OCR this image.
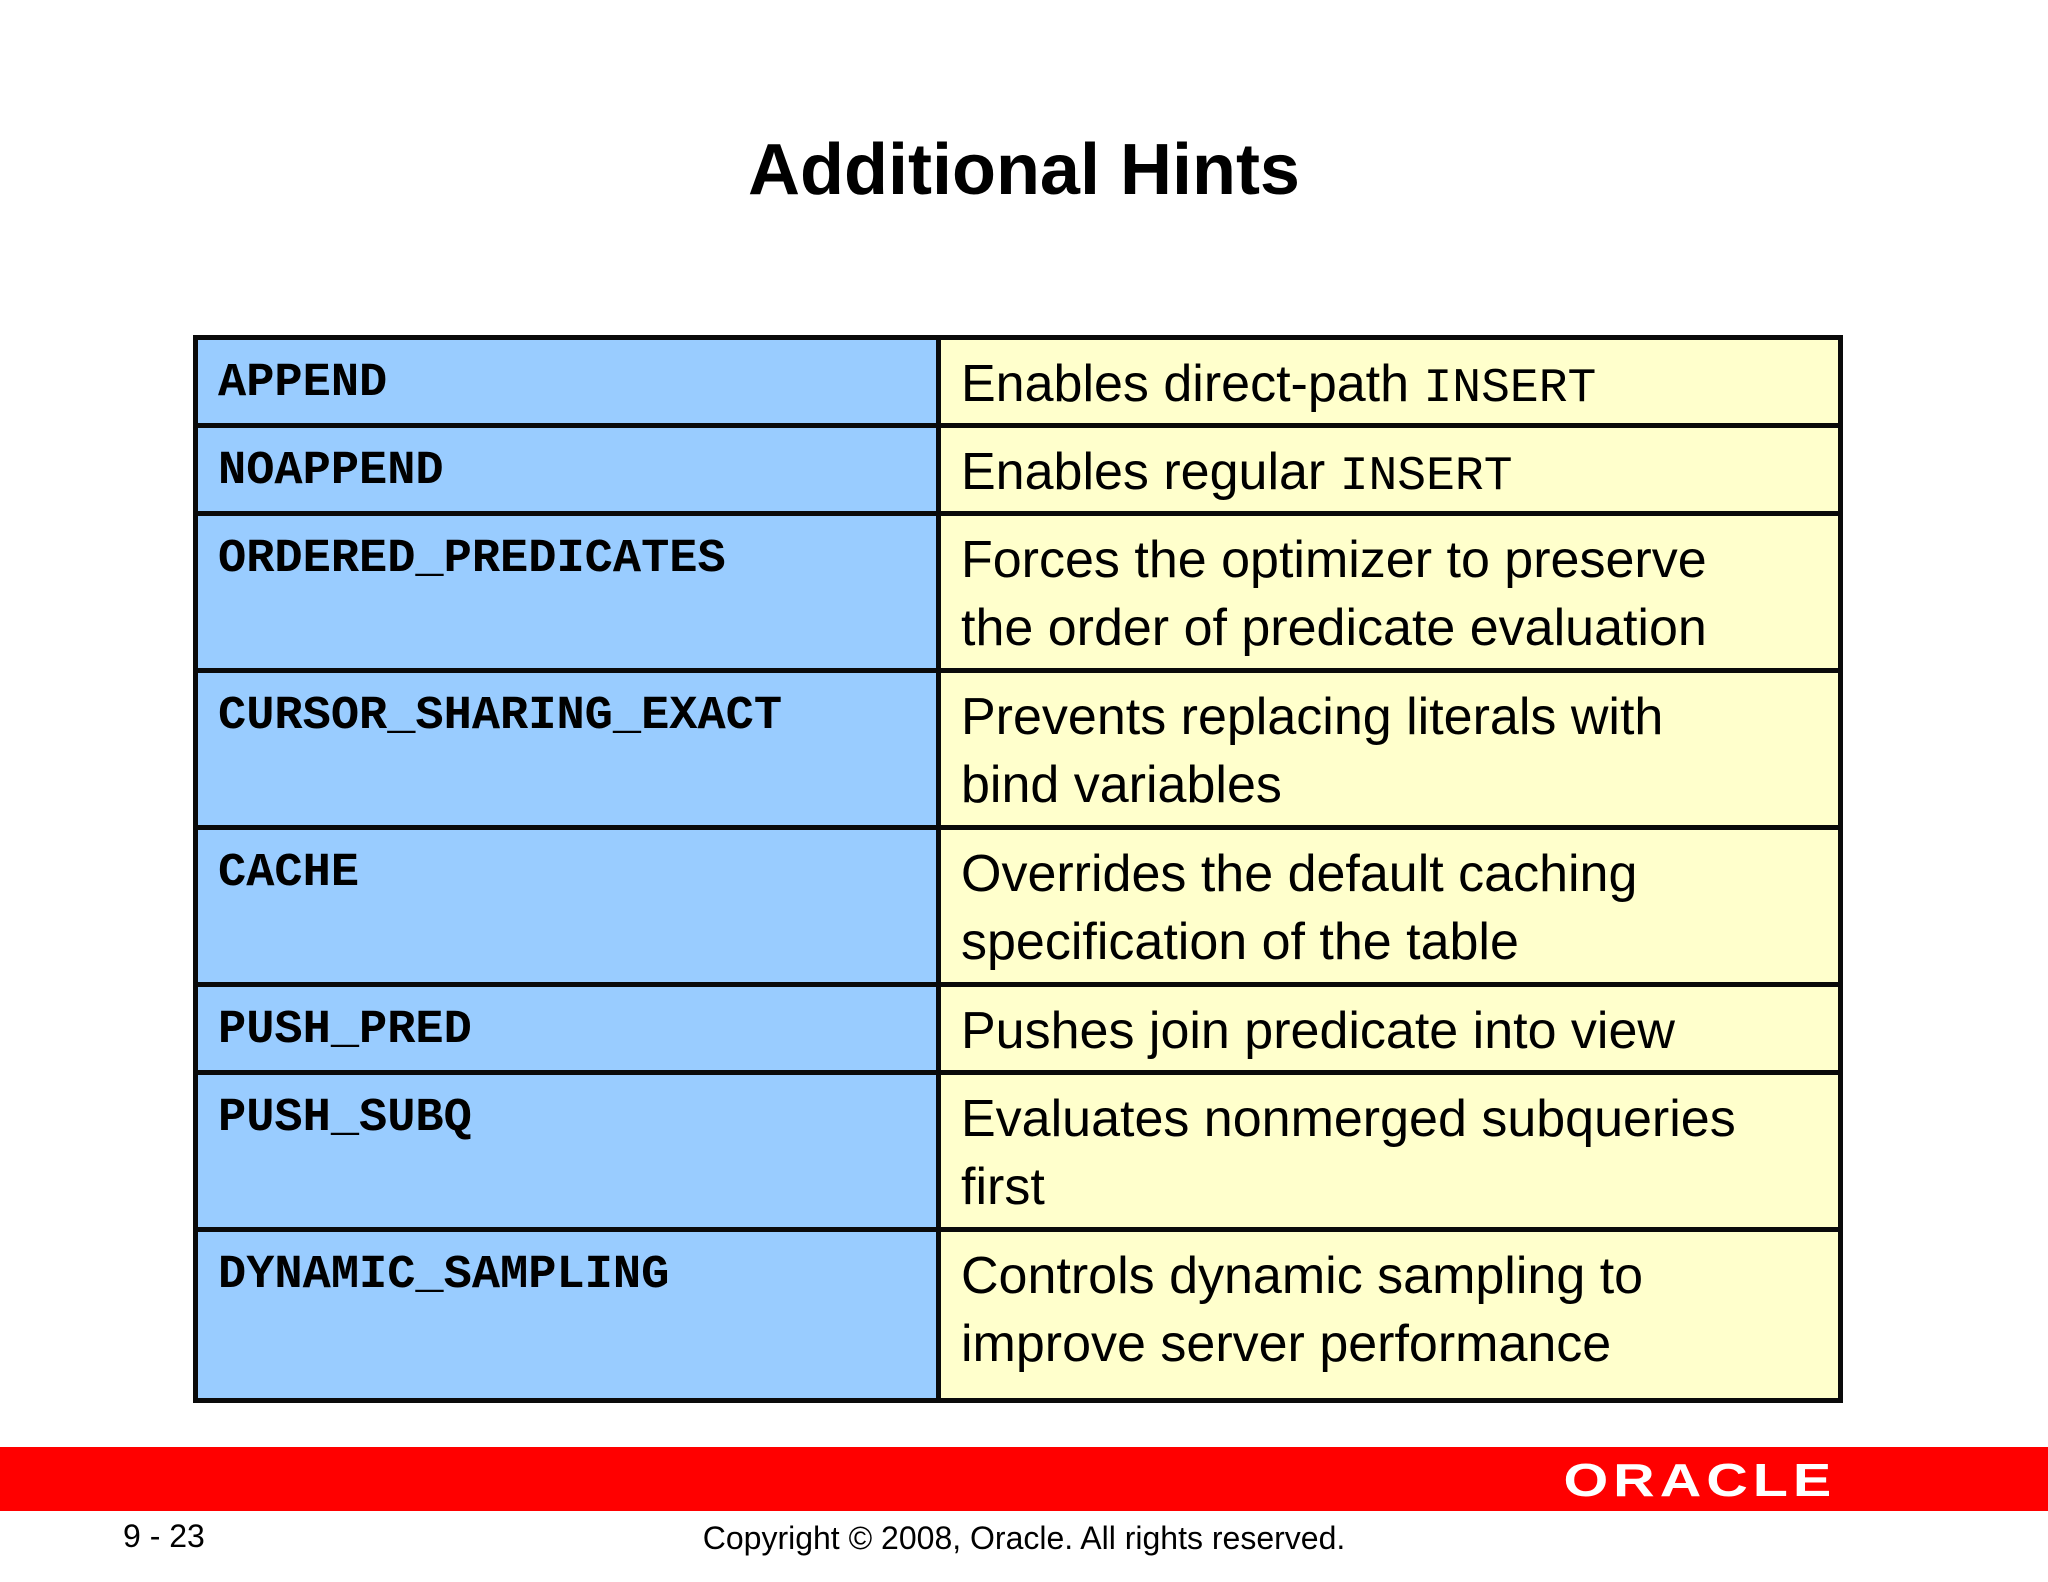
Additional Hints
APPEND	Enables direct-path INSERT
NOAPPEND	Enables regular INSERT
ORDERED_PREDICATES	Forces the optimizer to preserve
the order of predicate evaluation

CURSOR_SHARING_EXACT	Prevents replacing literals with
bind variables

CACHE	Overrides the default caching
specification of the table

PUSH_PRED	Pushes join predicate into view

PUSH_SUBQ	Evaluates nonmerged subqueries
first

DYNAMIC_SAMPLING	Controls dynamic sampling to
improve server performance
ORACLE
9 - 23	Copyright © 2008, Oracle. All rights reserved.
